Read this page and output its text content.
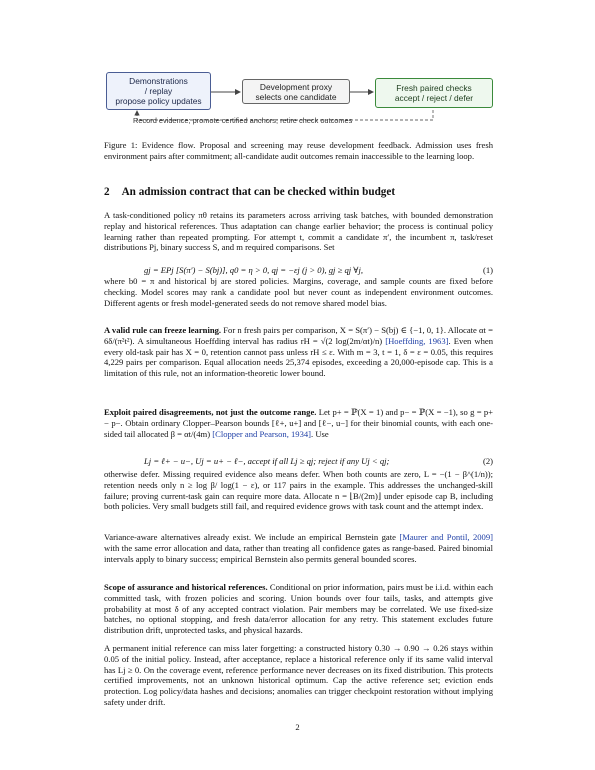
Demonstrations
/ replay
propose policy updates
Development proxy
selects one candidate
Fresh paired checks
accept / reject / defer
Record evidence; promote certified anchors; retire check outcomes
Figure 1: Evidence flow. Proposal and screening may reuse development feedback. Admission uses fresh environment pairs after commitment; all-candidate audit outcomes remain inaccessible to the learning loop.
2 An admission contract that can be checked within budget
A task-conditioned policy πθ retains its parameters across arriving task batches, with bounded demonstration replay and historical references. Thus adaptation can change earlier behavior; the process is continual policy learning rather than repeated prompting. For attempt t, commit a candidate π′, the incumbent π, task/reset distributions Pj, binary success S, and m required comparisons. Set
gj = EPj [S(π′) − S(bj)], q0 = η > 0, qj = −εj (j > 0), gj ≥ qj ∀j,	(1)
where b0 = π and historical bj are stored policies. Margins, coverage, and sample counts are fixed before checking. Model scores may rank a candidate pool but never count as independent environment outcomes. Different agents or fresh model-generated seeds do not remove shared model bias.
A valid rule can freeze learning. For n fresh pairs per comparison, X = S(π′) − S(bj) ∈ {−1, 0, 1}. Allocate αt = 6δ/(π²t²). A simultaneous Hoeffding interval has radius rH = √(2 log(2m/αt)/n) [Hoeffding, 1963]. Even when every old-task pair has X = 0, retention cannot pass unless rH ≤ ε. With m = 3, t = 1, δ = ε = 0.05, this requires 4,229 pairs per comparison. Equal allocation needs 25,374 episodes, exceeding a 20,000-episode cap. This is a limitation of this rule, not an information-theoretic lower bound.
Exploit paired disagreements, not just the outcome range. Let p+ = ℙ(X = 1) and p− = ℙ(X = −1), so g = p+ − p−. Obtain ordinary Clopper–Pearson bounds [ℓ+, u+] and [ℓ−, u−] for their binomial counts, with each one-sided tail allocated β = αt/(4m) [Clopper and Pearson, 1934]. Use
Lj = ℓ+ − u−, Uj = u+ − ℓ−, accept if all Lj ≥ qj; reject if any Uj < qj;	(2)
otherwise defer. Missing required evidence also means defer. When both counts are zero, L = −(1 − β^(1/n)); retention needs only n ≥ log β/ log(1 − ε), or 117 pairs in the example. This addresses the unchanged-skill failure; proving current-task gain can require more data. Allocate n = ⌊B/(2m)⌋ under episode cap B, including both policies. Very small budgets still fail, and required evidence grows with task count and the attempt index.
Variance-aware alternatives already exist. We include an empirical Bernstein gate [Maurer and Pontil, 2009] with the same error allocation and data, rather than treating all confidence gates as range-based. Paired binomial intervals apply to binary success; empirical Bernstein also permits general bounded scores.
Scope of assurance and historical references. Conditional on prior information, pairs must be i.i.d. within each committed task, with frozen policies and scoring. Union bounds over four tails, tasks, and attempts give probability at most δ of any accepted contract violation. Pair members may be correlated. We use fixed-size batches, no optional stopping, and fresh data/error allocation for any retry. This statement excludes future distribution drift, unprotected tasks, and physical hazards.
A permanent initial reference can miss later forgetting: a constructed history 0.30 → 0.90 → 0.26 stays within 0.05 of the initial policy. Instead, after acceptance, replace a historical reference only if its same valid interval has Lj ≥ 0. On the coverage event, reference performance never decreases on its fixed distribution. This protects certified improvements, not an unknown historical optimum. Cap the active reference set; eviction ends protection. Log policy/data hashes and decisions; anomalies can trigger checkpoint restoration without implying safety under drift.
2
